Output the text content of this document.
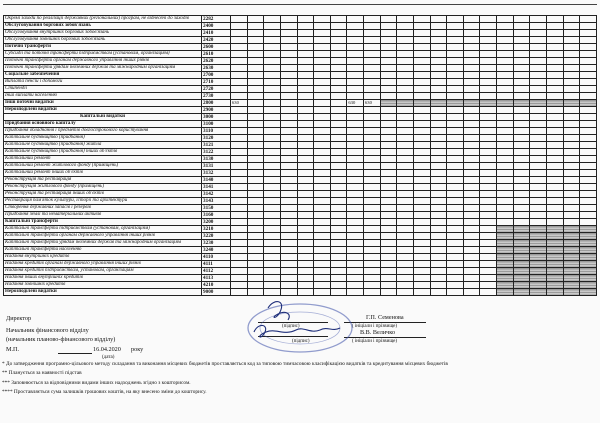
Окремі заходи по реалізації державних (регіональних) програм, не віднесені до заходів	2282																						
Обслуговування боргових зобов'язань	2400																						
Обслуговування внутрішніх боргових зобов'язань	2410																						
Обслуговування зовнішніх боргових зобов'язань	2420																						
Поточні трансферти	2600																						
Субсидії та поточні трансферти підприємствам (установам, організаціям)	2610																						
Поточні трансферти органам державного управління інших рівнів	2620																						
Поточні трансферти урядам іноземних держав та міжнародним організаціям	2630																						
Соціальне забезпечення	2700																						
Виплата пенсій і допомоги	2710																						
Стипендії	2720																						
Інші виплати населенню	2730																						
Інші поточні видатки	2800	630							630	630													
Нерозподілені видатки	2900																						
Капітальні видатки	3000																						
Придбання основного капіталу	3100																						
Придбання обладнання і предметів довгострокового користування	3110																						
Капітальне будівництво (придбання)	3120																						
Капітальне будівництво (придбання) житла	3121																						
Капітальне будівництво (придбання) інших об'єктів	3122																						
Капітальний ремонт	3130																						
Капітальний ремонт житлового фонду (приміщень)	3131																						
Капітальний ремонт інших об'єктів	3132																						
Реконструкція та реставрація	3140																						
Реконструкція житлового фонду (приміщень)	3141																						
Реконструкція та реставрація інших об'єктів	3142																						
Реставрація пам'яток культури, історії та архітектури	3143																						
Створення державних запасів і резервів	3150																						
Придбання землі та нематеріальних активів	3160																						
Капітальні трансферти	3200																						
Капітальні трансферти підприємствам (установам, організаціям)	3210																						
Капітальні трансферти органам державного управління інших рівнів	3220																						
Капітальні трансферти урядам іноземних держав та міжнародним організаціям	3230																						
Капітальні трансферти населенню	3240																						
Надання внутрішніх кредитів	4110																						
Надання кредитів органам державного управління інших рівнів	4111																						
Надання кредитів підприємствам, установам, організаціям	4112																						
Надання інших внутрішніх кредитів	4113																						
Надання зовнішніх кредитів	4210																						
Нерозподілені видатки	9000																						
Директор
(підпис)
Г.П. Семенова
( ініціали і прізвище)
Начальник фінансового відділу
(начальник планово-фінансового відділу)	(підпис)
В.В. Величко
( ініціали і прізвище)
М.П.	16.04.2020 року
(дата)
* До затвердження програмно-цільового методу складання та виконання місцевих бюджетів проставляється код за типовою тимчасовою класифікацією видатків та кредитування місцевих бюджетів
** Планується за наявності підстав
*** Заповнюється за відповідними видами інших надходжень згідно з кошторисом.
**** Проставляється сума залишків грошових коштів, на яку внесено зміни до кошторису.
